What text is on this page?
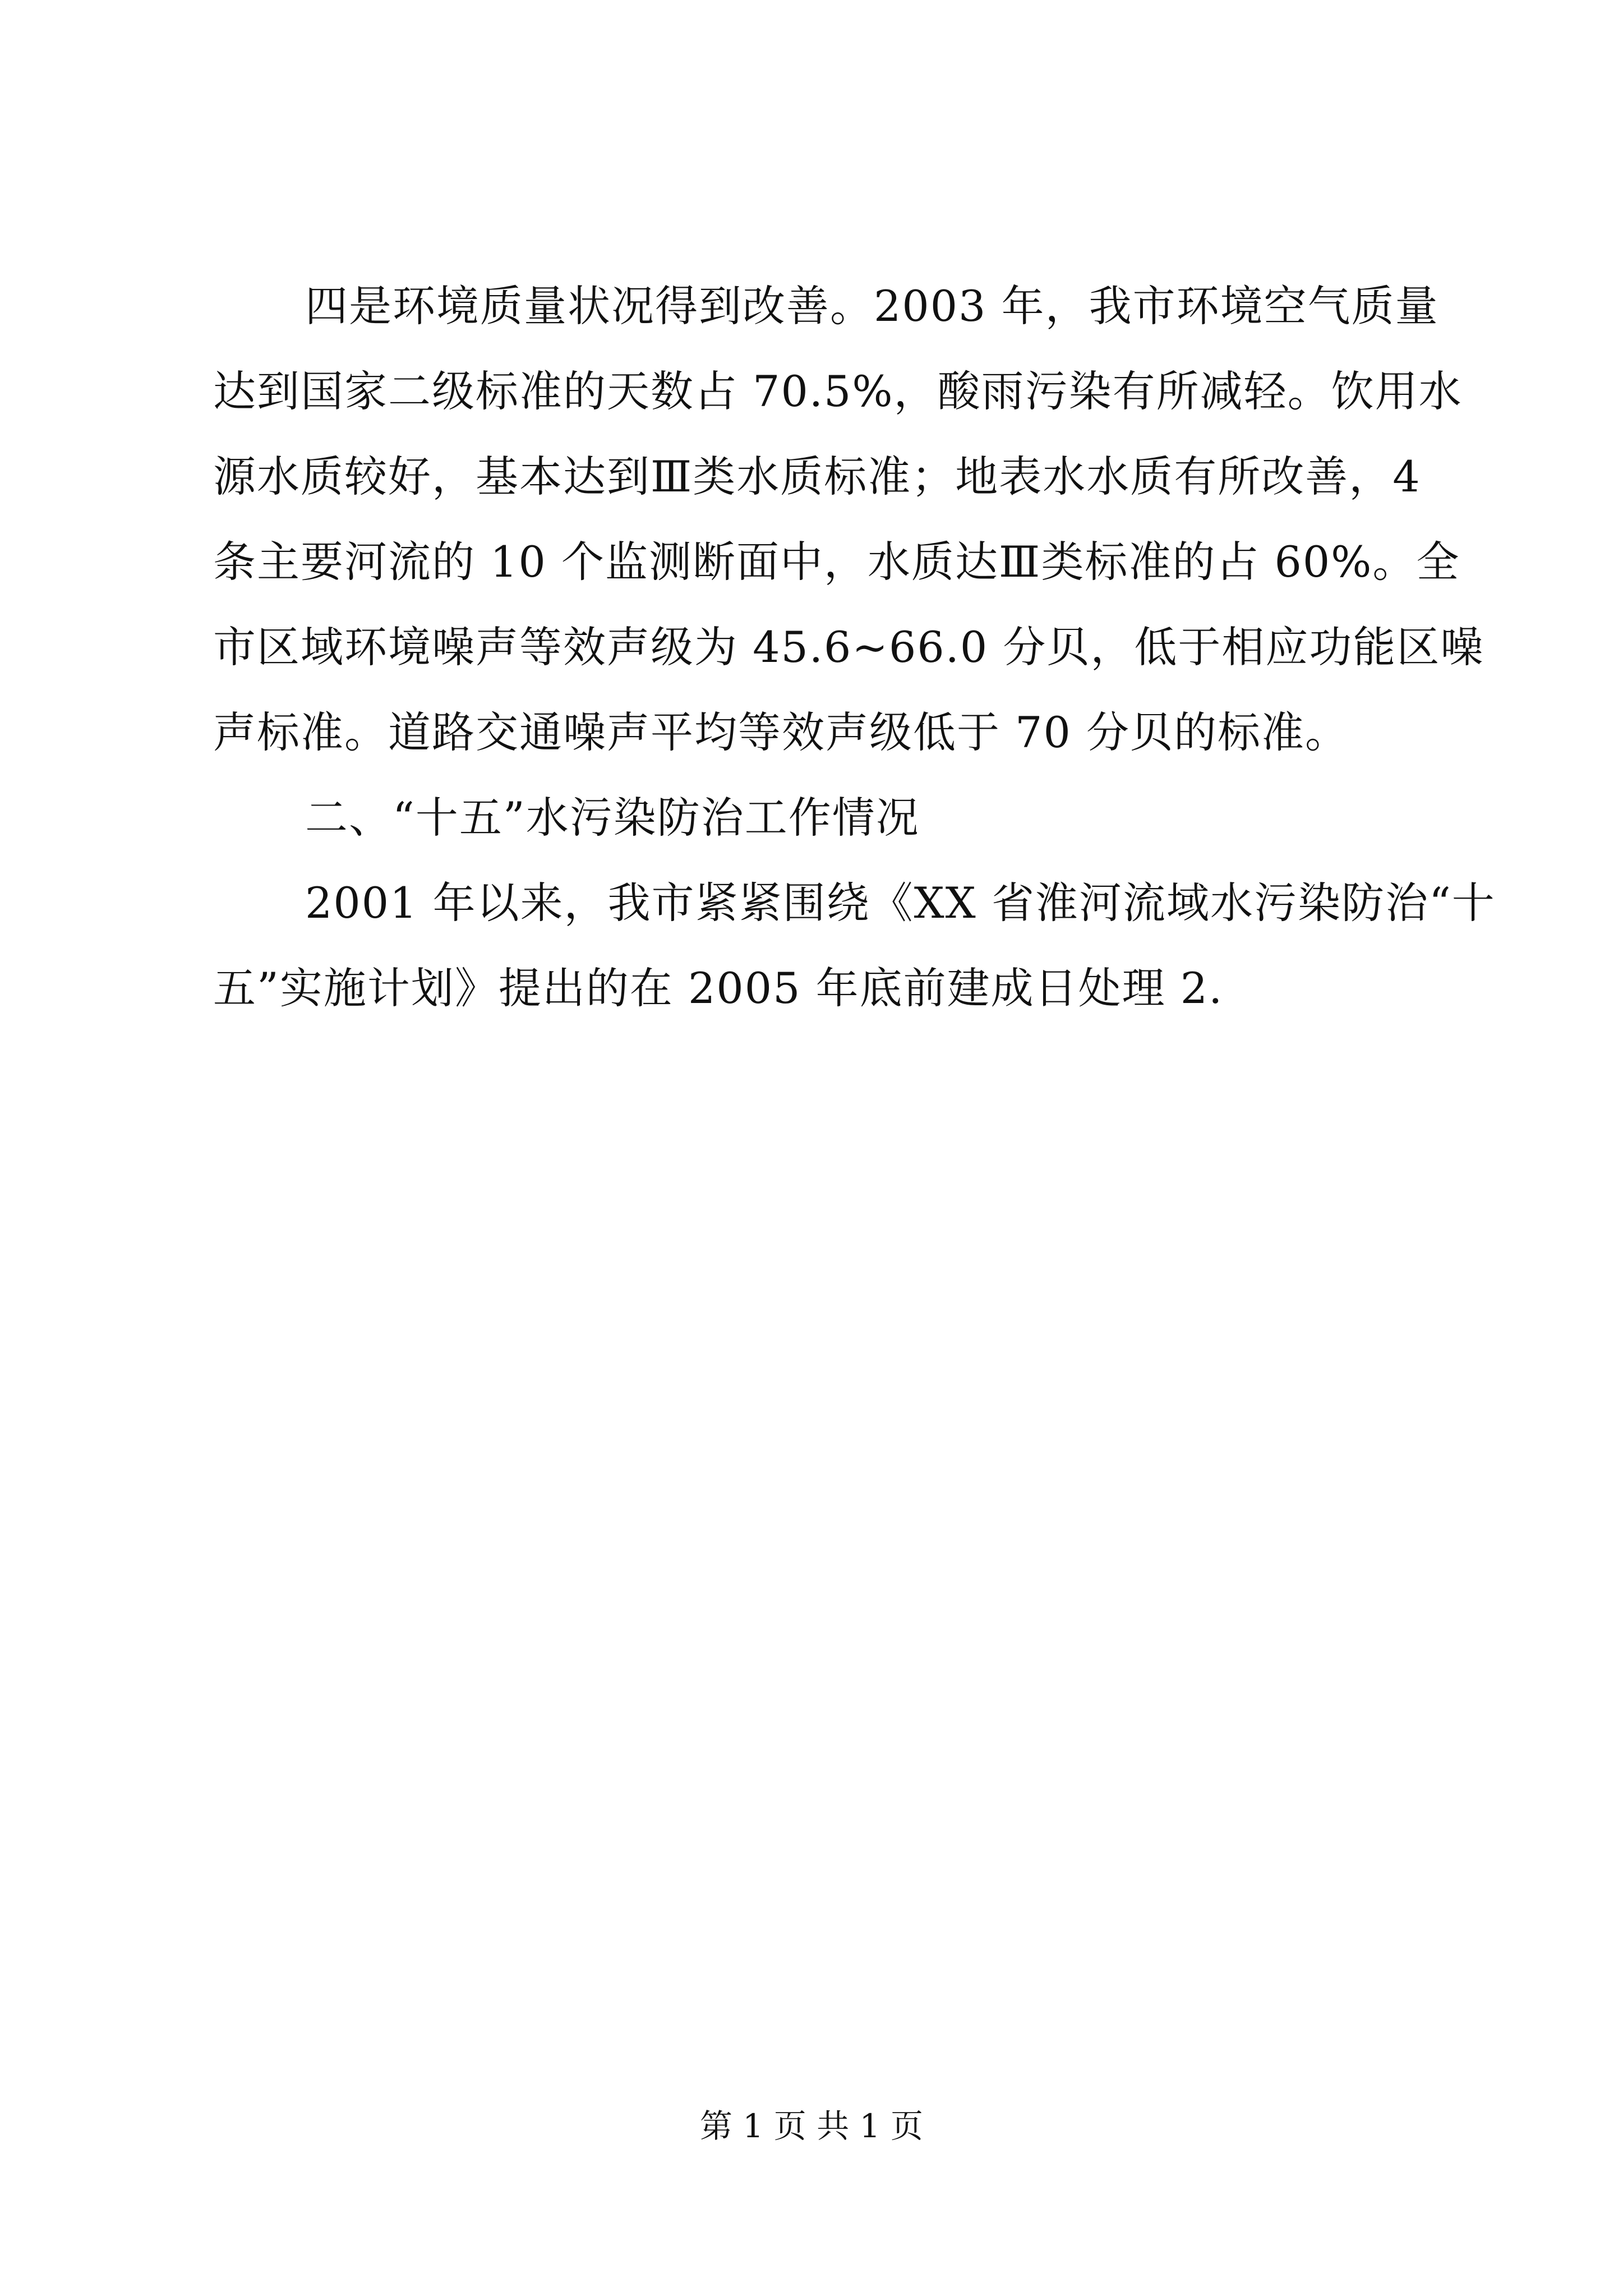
四是环境质量状况得到改善。2003 年，我市环境空气质量
达到国家二级标准的天数占 70.5%，酸雨污染有所减轻。饮用水
源水质较好，基本达到Ⅲ类水质标准；地表水水质有所改善，4
条主要河流的 10 个监测断面中，水质达Ⅲ类标准的占 60%。全
市区域环境噪声等效声级为 45.6~66.0 分贝，低于相应功能区噪
声标准。道路交通噪声平均等效声级低于 70 分贝的标准。
二、“十五”水污染防治工作情况
2001 年以来，我市紧紧围绕《XX 省淮河流域水污染防治“十
五”实施计划》提出的在 2005 年底前建成日处理 2.
第 1 页 共 1 页
